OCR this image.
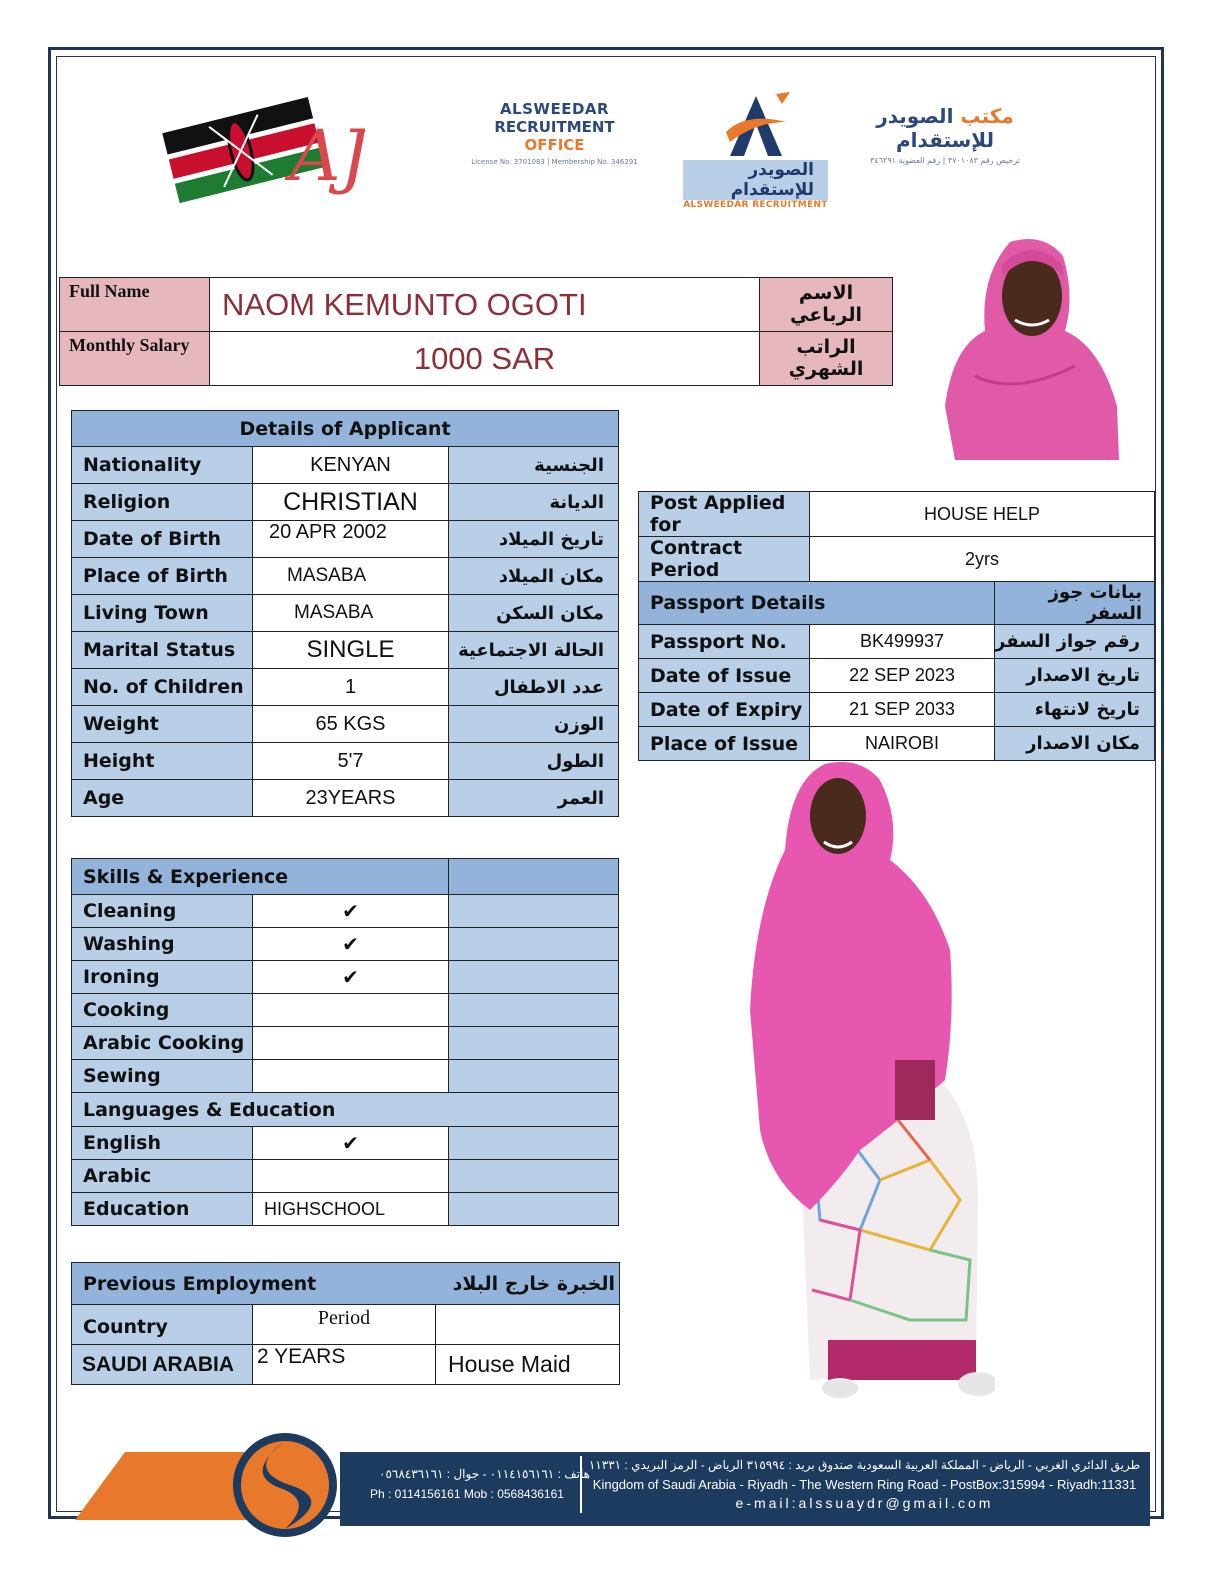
AJ
ALSWEEDAR
RECRUITMENT OFFICE
License No. 3701083 | Membership No. 346291	الصويدر للإستقدام
ALSWEEDAR RECRUITMENT
مكتب الصويدر للإستقدام
ترخيص رقم ٣٧٠١٠٨٣ | رقم العضوية ٣٤٦٢٩١
Full Name	NAOM KEMUNTO OGOTI	الاسم الرباعي
Monthly Salary	1000 SAR	الراتب الشهري
Details of Applicant		
Nationality	KENYAN	الجنسية
Religion	CHRISTIAN	الديانة
Date of Birth	20 APR 2002	تاريخ الميلاد
Place of Birth	MASABA	مكان الميلاد
Living Town	MASABA	مكان السكن
Marital Status	SINGLE	الحالة الاجتماعية
No. of Children	1	عدد الاطفال
Weight	65 KGS	الوزن
Height	5'7	الطول
Age	23YEARS	العمر
Post Applied for	HOUSE HELP	
Contract Period	2yrs	
Passport Details		بيانات جوز السفر
Passport No.	BK499937	رقم جواز السفر
Date of Issue	22 SEP 2023	تاريخ الاصدار
Date of Expiry	21 SEP 2033	تاريخ لانتهاء
Place of Issue	NAIROBI	مكان الاصدار
Skills & Experience		
Cleaning	✔	
Washing	✔	
Ironing	✔	
Cooking		
Arabic Cooking		
Sewing		
Languages & Education		
English	✔	
Arabic		
Education	HIGHSCHOOL	
Previous Employment		الخبرة خارج البلاد
Country	Period	
SAUDI ARABIA	2 YEARS	House Maid
هاتف : ٠١١٤١٥٦١٦١ - جوال : ٠٥٦٨٤٣٦١٦١
Ph : 0114156161 Mob : 0568436161
طريق الدائري الغربي - الرياض - المملكة العربية السعودية صندوق بريد : ٣١٥٩٩٤ الرياض - الرمز البريدي : ١١٣٣١
Kingdom of Saudi Arabia - Riyadh - The Western Ring Road - PostBox:315994 - Riyadh:11331
e-mail:alssuaydr@gmail.com
